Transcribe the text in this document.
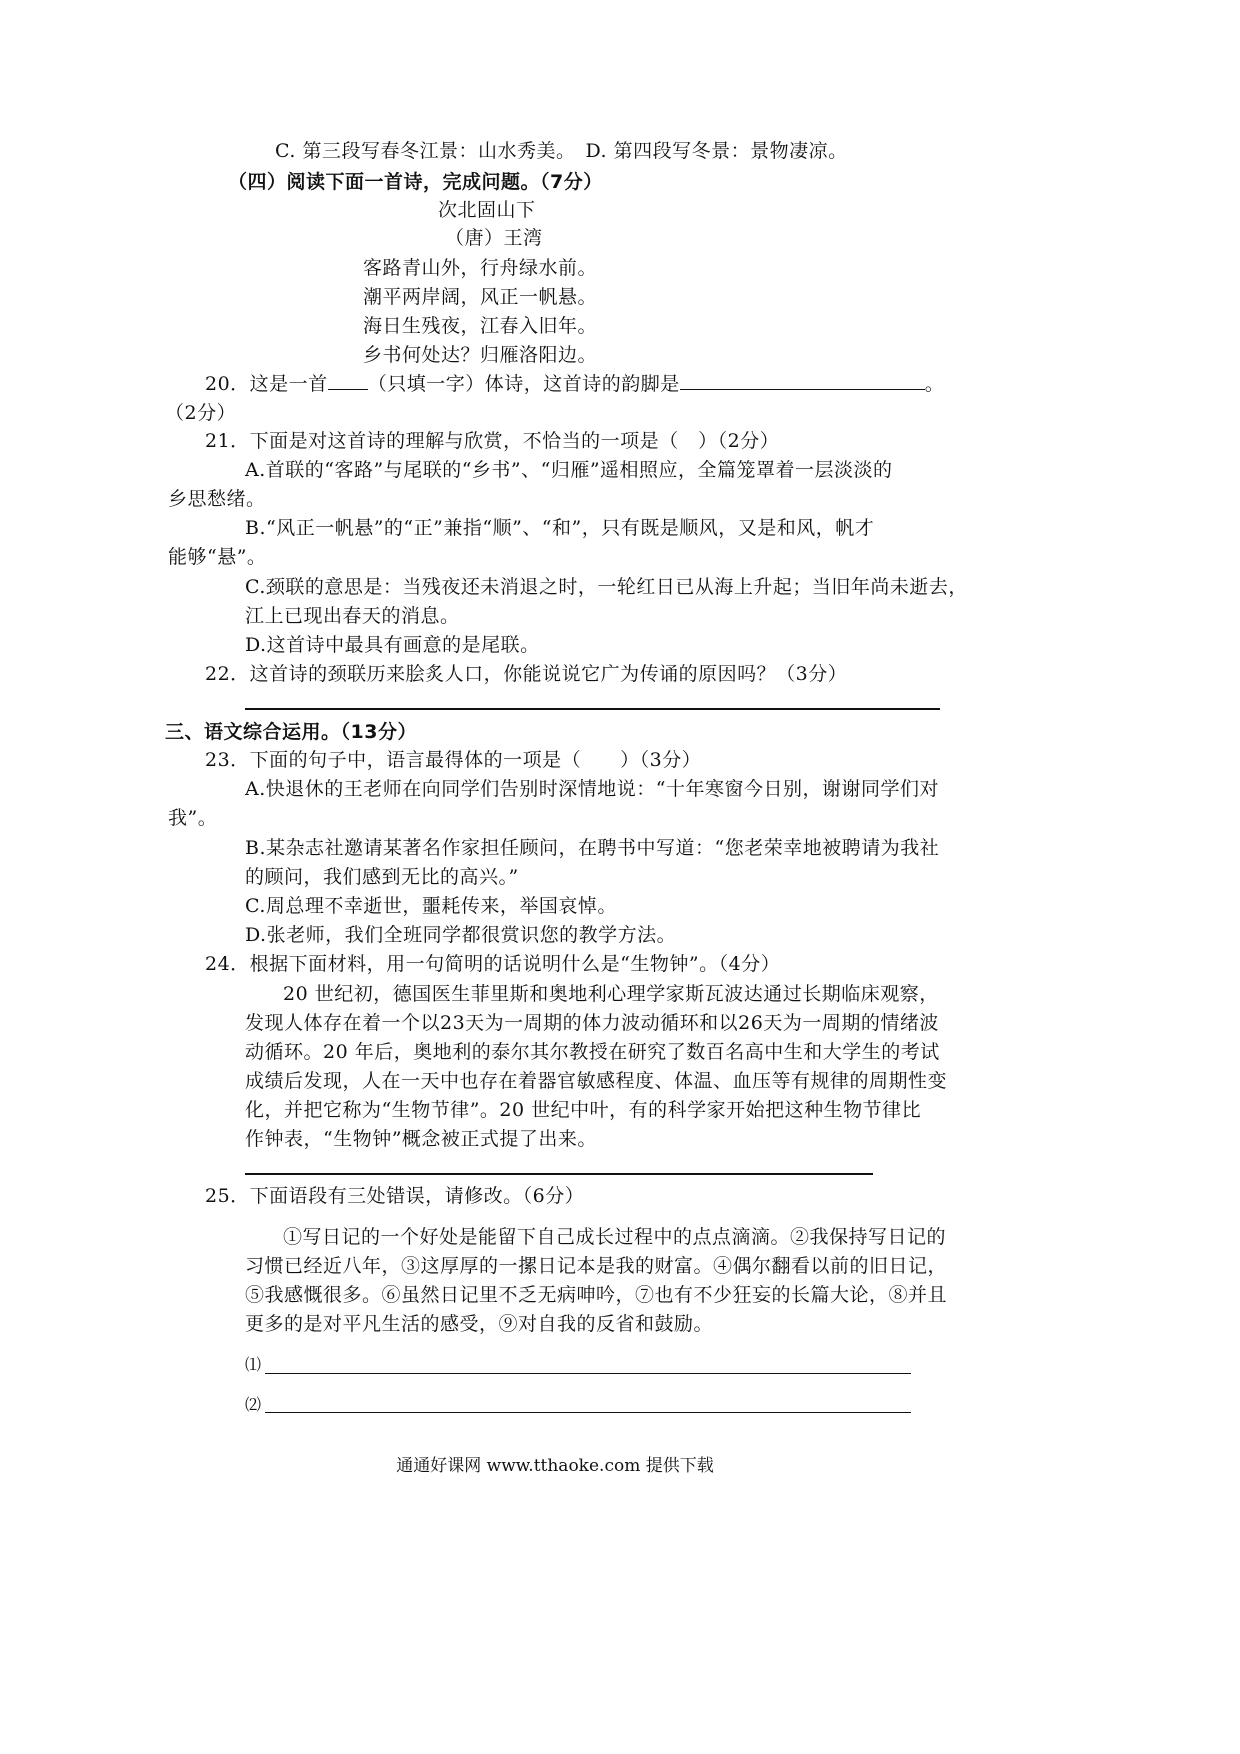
C. 第三段写春冬江景：山水秀美。　D. 第四段写冬景：景物凄凉。
（四）阅读下面一首诗，完成问题。（7分）
次北固山下
（唐）王湾
客路青山外，行舟绿水前。
潮平两岸阔，风正一帆悬。
海日生残夜，江春入旧年。
乡书何处达？归雁洛阳边。
20．这是一首 （只填一字）体诗，这首诗的韵脚是	。
（2分）
21．下面是对这首诗的理解与欣赏，不恰当的一项是（　）（2分）
A.首联的“客路”与尾联的“乡书”、“归雁”遥相照应，全篇笼罩着一层淡淡的
乡思愁绪。
B.“风正一帆悬”的“正”兼指“顺”、“和”，只有既是顺风，又是和风，帆才
能够“悬”。
C.颈联的意思是：当残夜还未消退之时，一轮红日已从海上升起；当旧年尚未逝去，
江上已现出春天的消息。
D.这首诗中最具有画意的是尾联。
22．这首诗的颈联历来脍炙人口，你能说说它广为传诵的原因吗？（3分）
三、语文综合运用。（13分）
23．下面的句子中，语言最得体的一项是（　　）（3分）
A.快退休的王老师在向同学们告别时深情地说：“十年寒窗今日别，谢谢同学们对
我”。
B.某杂志社邀请某著名作家担任顾问，在聘书中写道：“您老荣幸地被聘请为我社
的顾问，我们感到无比的高兴。”
C.周总理不幸逝世，噩耗传来，举国哀悼。
D.张老师，我们全班同学都很赏识您的教学方法。
24．根据下面材料，用一句简明的话说明什么是“生物钟”。（4分）
20 世纪初，德国医生菲里斯和奥地利心理学家斯瓦波达通过长期临床观察，
发现人体存在着一个以23天为一周期的体力波动循环和以26天为一周期的情绪波
动循环。20 年后，奥地利的泰尔其尔教授在研究了数百名高中生和大学生的考试
成绩后发现，人在一天中也存在着器官敏感程度、体温、血压等有规律的周期性变
化，并把它称为“生物节律”。20 世纪中叶，有的科学家开始把这种生物节律比
作钟表，“生物钟”概念被正式提了出来。
25．下面语段有三处错误，请修改。（6分）
①写日记的一个好处是能留下自己成长过程中的点点滴滴。②我保持写日记的
习惯已经近八年，③这厚厚的一摞日记本是我的财富。④偶尔翻看以前的旧日记，
⑤我感慨很多。⑥虽然日记里不乏无病呻吟，⑦也有不少狂妄的长篇大论，⑧并且
更多的是对平凡生活的感受，⑨对自我的反省和鼓励。
⑴
⑵
通通好课网 www.tthaoke.com 提供下载
